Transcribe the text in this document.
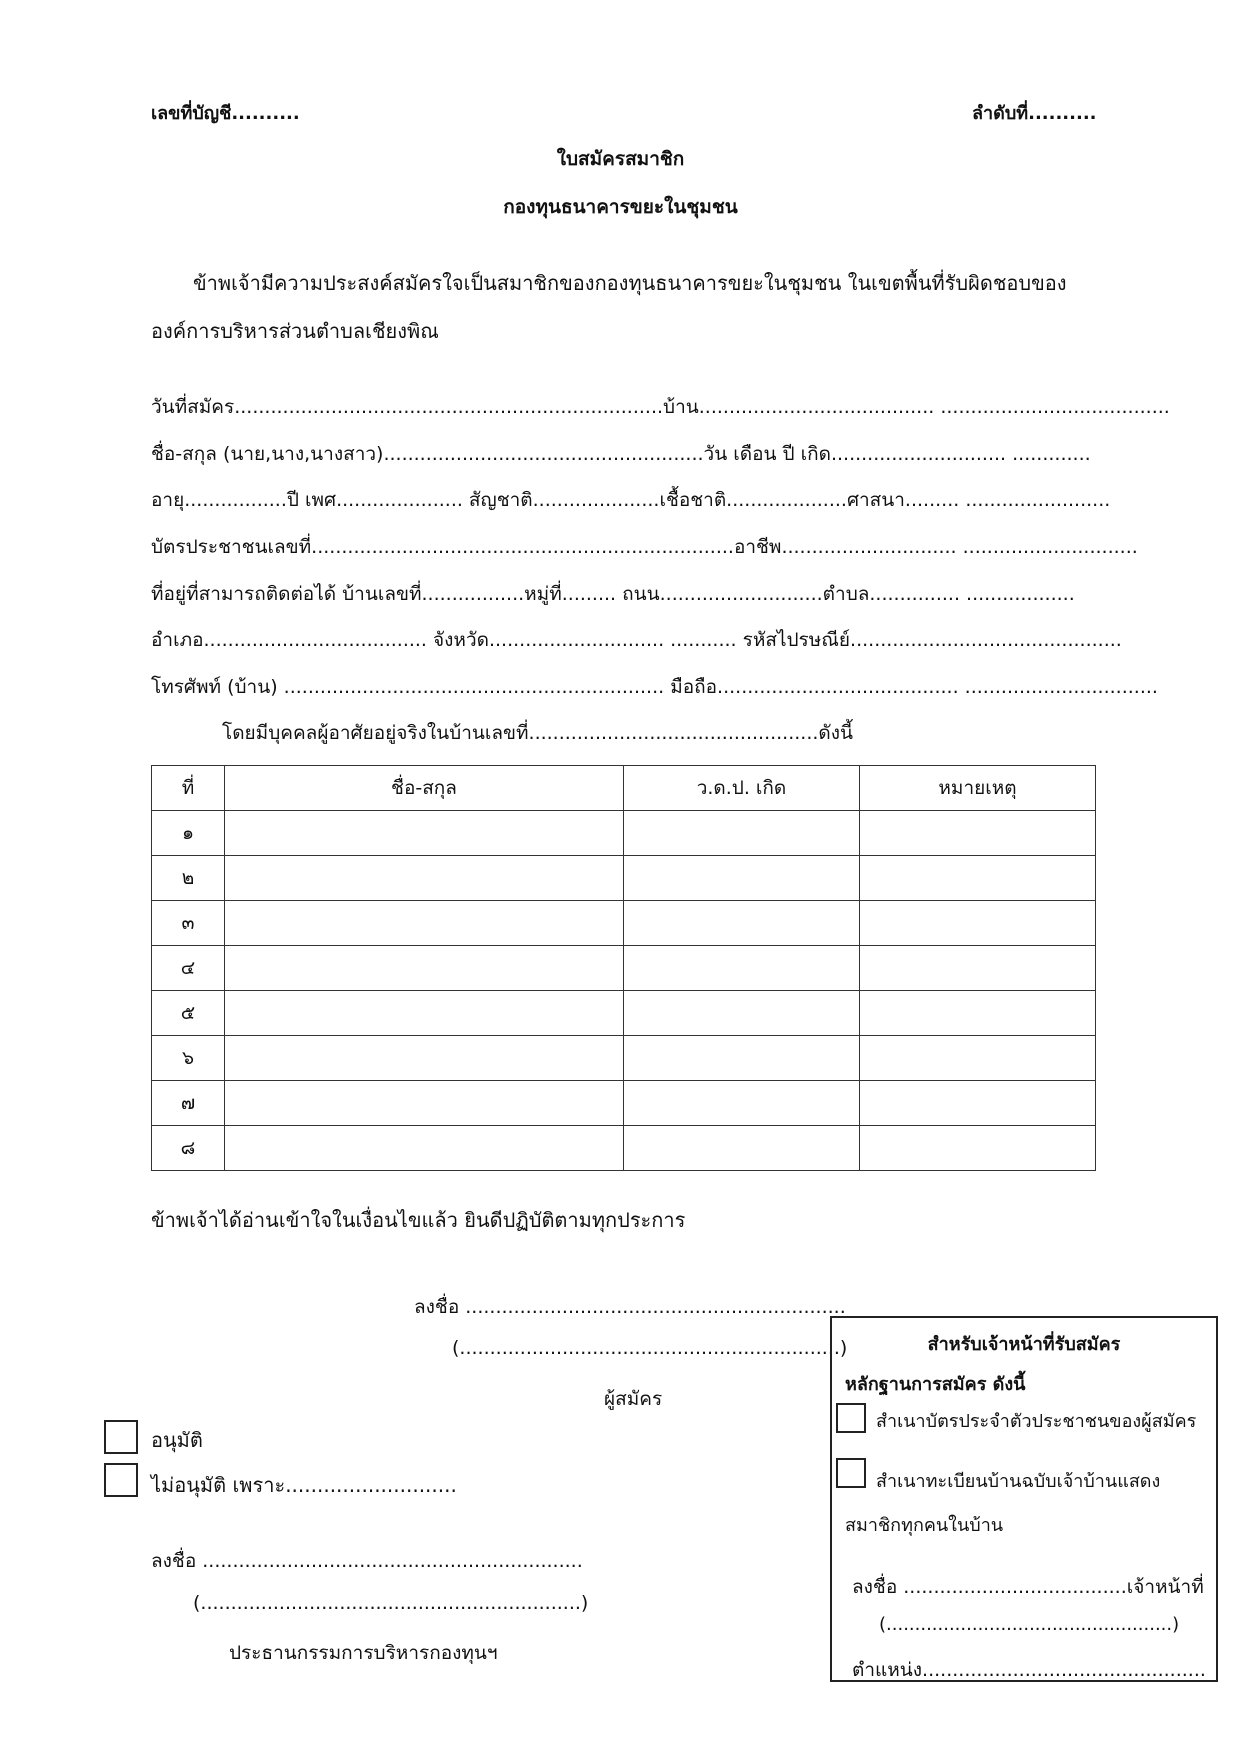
เลขที่บัญชี..........	ลำดับที่..........
ใบสมัครสมาชิก
กองทุนธนาคารขยะในชุมชน
ข้าพเจ้ามีความประสงค์สมัครใจเป็นสมาชิกของกองทุนธนาคารขยะในชุมชน ในเขตพื้นที่รับผิดชอบของ
องค์การบริหารส่วนตำบลเชียงพิณ
วันที่สมัคร.......................................................................บ้าน....................................... ......................................
ชื่อ-สกุล (นาย,นาง,นางสาว).....................................................วัน เดือน ปี เกิด............................. .............
อายุ.................ปี เพศ..................... สัญชาติ.....................เชื้อชาติ....................ศาสนา......... ........................
บัตรประชาชนเลขที่......................................................................อาชีพ............................. .............................
ที่อยู่ที่สามารถติดต่อได้ บ้านเลขที่.................หมู่ที่......... ถนน...........................ตำบล............... ..................
อำเภอ..................................... จังหวัด............................. ........... รหัสไปรษณีย์.............................................
โทรศัพท์ (บ้าน) ............................................................... มือถือ........................................ ................................
โดยมีบุคคลผู้อาศัยอยู่จริงในบ้านเลขที่................................................ดังนี้
ที่	ชื่อ-สกุล	ว.ด.ป. เกิด	หมายเหตุ
๑			
๒			
๓			
๔			
๕			
๖			
๗			
๘			
ข้าพเจ้าได้อ่านเข้าใจในเงื่อนไขแล้ว ยินดีปฏิบัติตามทุกประการ
ลงชื่อ ...............................................................
(...............................................................)
ผู้สมัคร
อนุมัติ
ไม่อนุมัติ เพราะ...........................
ลงชื่อ ...............................................................
(...............................................................)
ประธานกรรมการบริหารกองทุนฯ
สำหรับเจ้าหน้าที่รับสมัคร
หลักฐานการสมัคร ดังนี้
สำเนาบัตรประจำตัวประชาชนของผู้สมัคร
สำเนาทะเบียนบ้านฉบับเจ้าบ้านแสดง
สมาชิกทุกคนในบ้าน
ลงชื่อ .....................................เจ้าหน้าที่
(..................................................)
ตำแหน่ง...............................................
